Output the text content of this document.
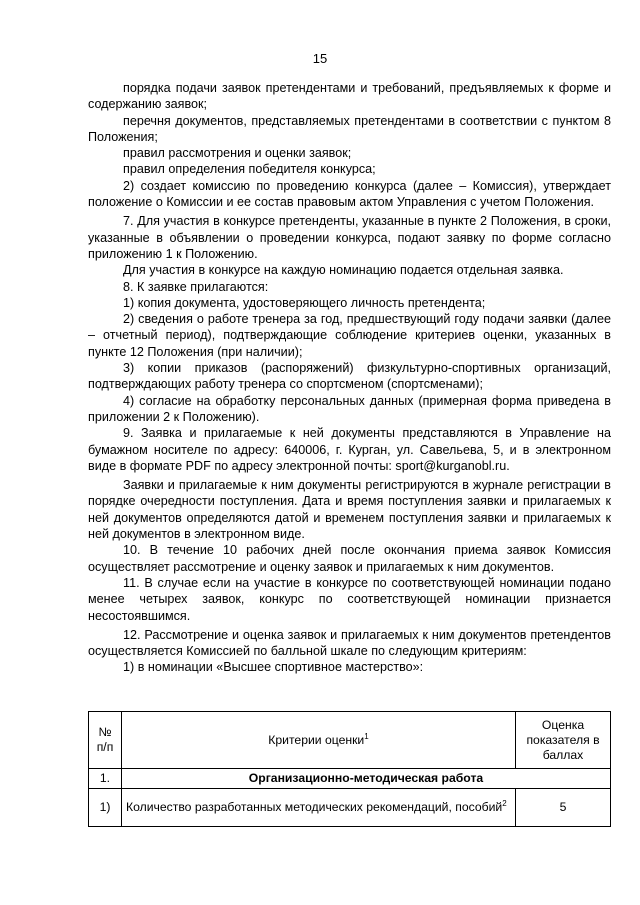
15

порядка подачи заявок претендентами и требований, предъявляемых к форме и содержанию заявок;

перечня документов, представляемых претендентами в соответствии с пунктом 8 Положения;

правил рассмотрения и оценки заявок;

правил определения победителя конкурса;

2) создает комиссию по проведению конкурса (далее – Комиссия), утверждает положение о Комиссии и ее состав правовым актом Управления с учетом Положения.

7. Для участия в конкурсе претенденты, указанные в пункте 2 Положения, в сроки, указанные в объявлении о проведении конкурса, подают заявку по форме согласно приложению 1 к Положению.

Для участия в конкурсе на каждую номинацию подается отдельная заявка.

8. К заявке прилагаются:

1) копия документа, удостоверяющего личность претендента;

2) сведения о работе тренера за год, предшествующий году подачи заявки (далее – отчетный период), подтверждающие соблюдение критериев оценки, указанных в пункте 12 Положения (при наличии);

3) копии приказов (распоряжений) физкультурно-спортивных организаций, подтверждающих работу тренера со спортсменом (спортсменами);

4) согласие на обработку персональных данных (примерная форма приведена в приложении 2 к Положению).

9. Заявка и прилагаемые к ней документы представляются в Управление на бумажном носителе по адресу: 640006, г. Курган, ул. Савельева, 5, и в электронном виде в формате PDF по адресу электронной почты: sport@kurganobl.ru.

Заявки и прилагаемые к ним документы регистрируются в журнале регистрации в порядке очередности поступления. Дата и время поступления заявки и прилагаемых к ней документов определяются датой и временем поступления заявки и прилагаемых к ней документов в электронном виде.

10. В течение 10 рабочих дней после окончания приема заявок Комиссия осуществляет рассмотрение и оценку заявок и прилагаемых к ним документов.

11. В случае если на участие в конкурсе по соответствующей номинации подано менее четырех заявок, конкурс по соответствующей номинации признается несостоявшимся.

12. Рассмотрение и оценка заявок и прилагаемых к ним документов претендентов осуществляется Комиссией по балльной шкале по следующим критериям:

1) в номинации «Высшее спортивное мастерство»:

№ п/п	Критерии оценки$^1$	Оценка показателя в баллах
1.	Организационно-методическая работа	
1)	Количество разработанных методических рекомендаций, пособий$^2$	5
